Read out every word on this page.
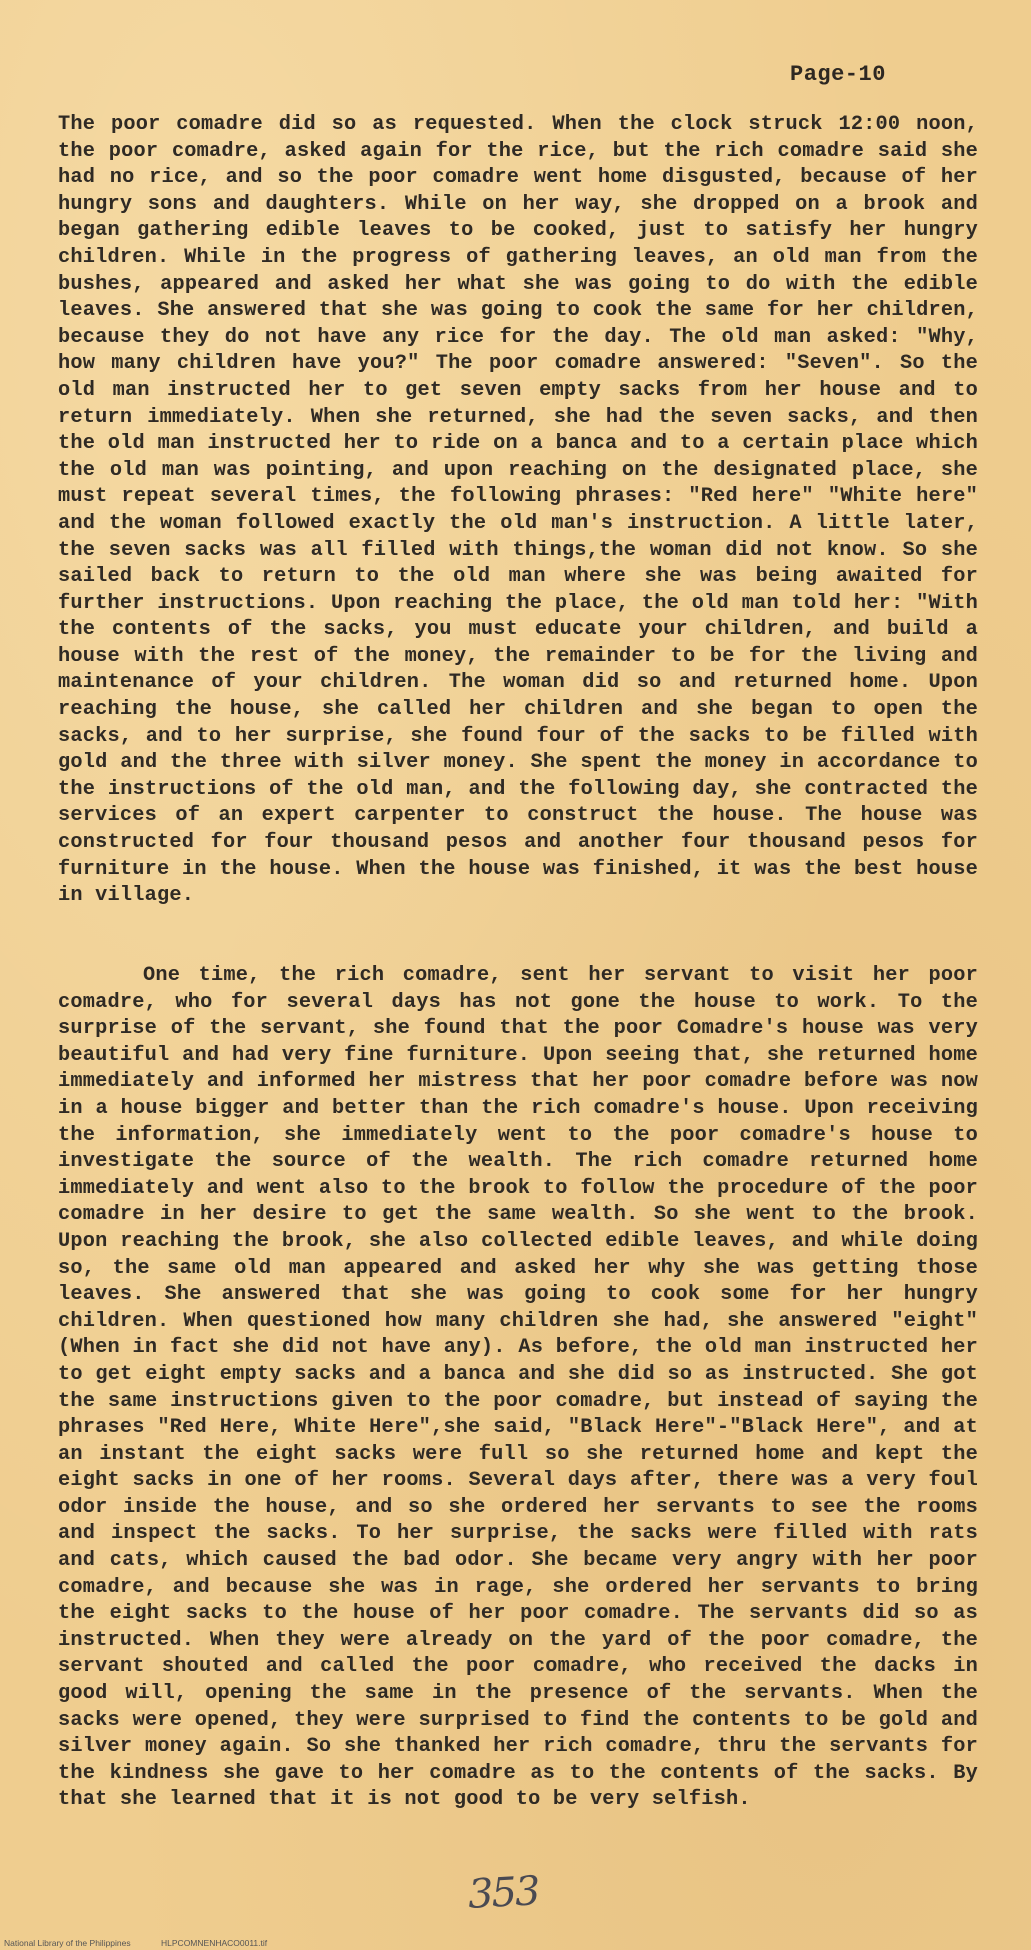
Page-10
The poor comadre did so as requested. When the clock struck 12:00 noon, the poor comadre, asked again for the rice, but the rich comadre said she had no rice, and so the poor comadre went home disgusted, because of her hungry sons and daughters. While on her way, she dropped on a brook and began gathering edible leaves to be cooked, just to satisfy her hungry children. While in the progress of gathering leaves, an old man from the bushes, appeared and asked her what she was going to do with the edible leaves. She answered that she was going to cook the same for her children, because they do not have any rice for the day. The old man asked: "Why, how many children have you?" The poor comadre answered: "Seven". So the old man instructed her to get seven empty sacks from her house and to return immediately. When she returned, she had the seven sacks, and then the old man instructed her to ride on a banca and to a certain place which the old man was pointing, and upon reaching on the designated place, she must repeat several times, the following phrases: "Red here" "White here" and the woman followed exactly the old man's instruction. A little later, the seven sacks was all filled with things,the woman did not know. So she sailed back to return to the old man where she was being awaited for further instructions. Upon reaching the place, the old man told her: "With the contents of the sacks, you must educate your children, and build a house with the rest of the money, the remainder to be for the living and maintenance of your children. The woman did so and returned home. Upon reaching the house, she called her children and she began to open the sacks, and to her surprise, she found four of the sacks to be filled with gold and the three with silver money. She spent the money in accordance to the instructions of the old man, and the following day, she contracted the services of an expert carpenter to construct the house. The house was constructed for four thousand pesos and another four thousand pesos for furniture in the house. When the house was finished, it was the best house in village.
One time, the rich comadre, sent her servant to visit her poor comadre, who for several days has not gone the house to work. To the surprise of the servant, she found that the poor Comadre's house was very beautiful and had very fine furniture. Upon seeing that, she returned home immediately and informed her mistress that her poor comadre before was now in a house bigger and better than the rich comadre's house. Upon receiving the information, she immediately went to the poor comadre's house to investigate the source of the wealth. The rich comadre returned home immediately and went also to the brook to follow the procedure of the poor comadre in her desire to get the same wealth. So she went to the brook. Upon reaching the brook, she also collected edible leaves, and while doing so, the same old man appeared and asked her why she was getting those leaves. She answered that she was going to cook some for her hungry children. When questioned how many children she had, she answered "eight" (When in fact she did not have any). As before, the old man instructed her to get eight empty sacks and a banca and she did so as instructed. She got the same instructions given to the poor comadre, but instead of saying the phrases "Red Here, White Here",she said, "Black Here"-"Black Here", and at an instant the eight sacks were full so she returned home and kept the eight sacks in one of her rooms. Several days after, there was a very foul odor inside the house, and so she ordered her servants to see the rooms and inspect the sacks. To her surprise, the sacks were filled with rats and cats, which caused the bad odor. She became very angry with her poor comadre, and because she was in rage, she ordered her servants to bring the eight sacks to the house of her poor comadre. The servants did so as instructed. When they were already on the yard of the poor comadre, the servant shouted and called the poor comadre, who received the dacks in good will, opening the same in the presence of the servants. When the sacks were opened, they were surprised to find the contents to be gold and silver money again. So she thanked her rich comadre, thru the servants for the kindness she gave to her comadre as to the contents of the sacks. By that she learned that it is not good to be very selfish.
353
National Library of the Philippines	HLPCOMNENHACO0011.tif
